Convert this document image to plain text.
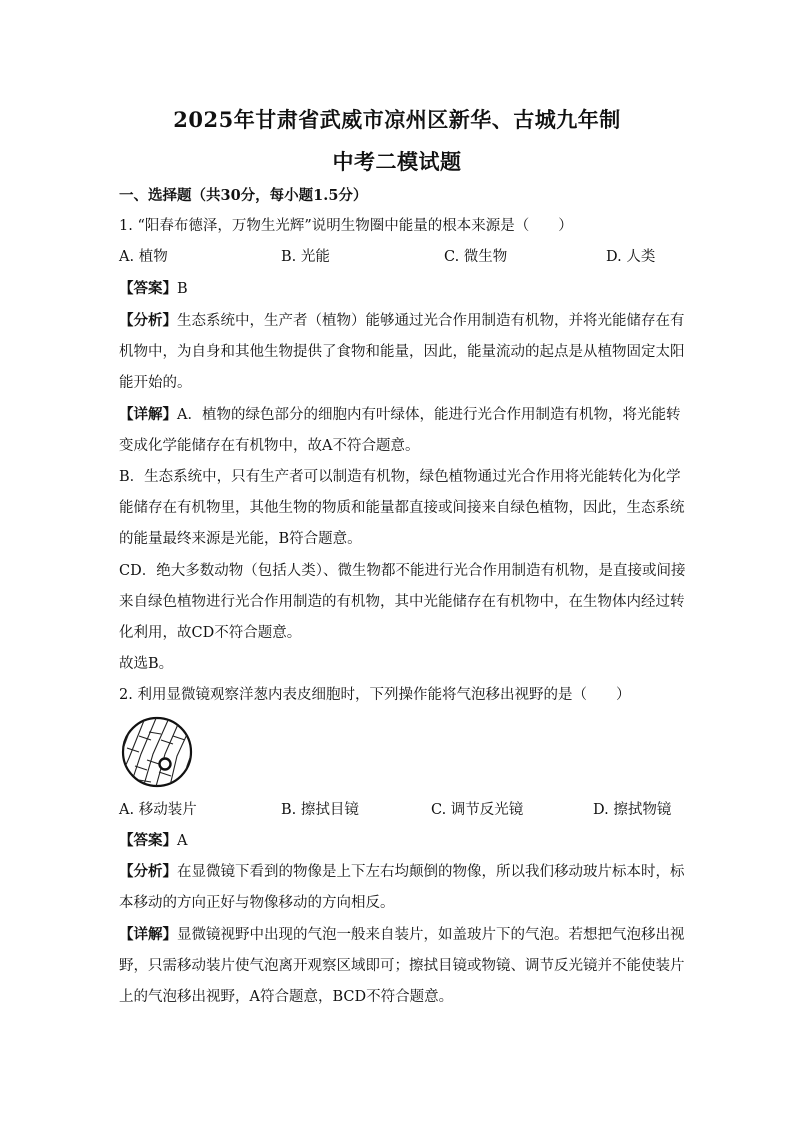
2025年甘肃省武威市凉州区新华、古城九年制
中考二模试题
一、选择题（共30分，每小题1.5分）
1. “阳春布德泽，万物生光辉”说明生物圈中能量的根本来源是（　　）
A. 植物	B. 光能	C. 微生物	D. 人类
【答案】B
【分析】生态系统中，生产者（植物）能够通过光合作用制造有机物，并将光能储存在有
机物中，为自身和其他生物提供了食物和能量，因此，能量流动的起点是从植物固定太阳
能开始的。
【详解】A．植物的绿色部分的细胞内有叶绿体，能进行光合作用制造有机物，将光能转
变成化学能储存在有机物中，故A不符合题意。
B．生态系统中，只有生产者可以制造有机物，绿色植物通过光合作用将光能转化为化学
能储存在有机物里，其他生物的物质和能量都直接或间接来自绿色植物，因此，生态系统
的能量最终来源是光能，B符合题意。
CD．绝大多数动物（包括人类）、微生物都不能进行光合作用制造有机物，是直接或间接
来自绿色植物进行光合作用制造的有机物，其中光能储存在有机物中，在生物体内经过转
化利用，故CD不符合题意。
故选B。
2. 利用显微镜观察洋葱内表皮细胞时，下列操作能将气泡移出视野的是（　　）
A. 移动装片	B. 擦拭目镜	C. 调节反光镜	D. 擦拭物镜
【答案】A
【分析】在显微镜下看到的物像是上下左右均颠倒的物像，所以我们移动玻片标本时，标
本移动的方向正好与物像移动的方向相反。
【详解】显微镜视野中出现的气泡一般来自装片，如盖玻片下的气泡。若想把气泡移出视
野，只需移动装片使气泡离开观察区域即可；擦拭目镜或物镜、调节反光镜并不能使装片
上的气泡移出视野，A符合题意，BCD不符合题意。
